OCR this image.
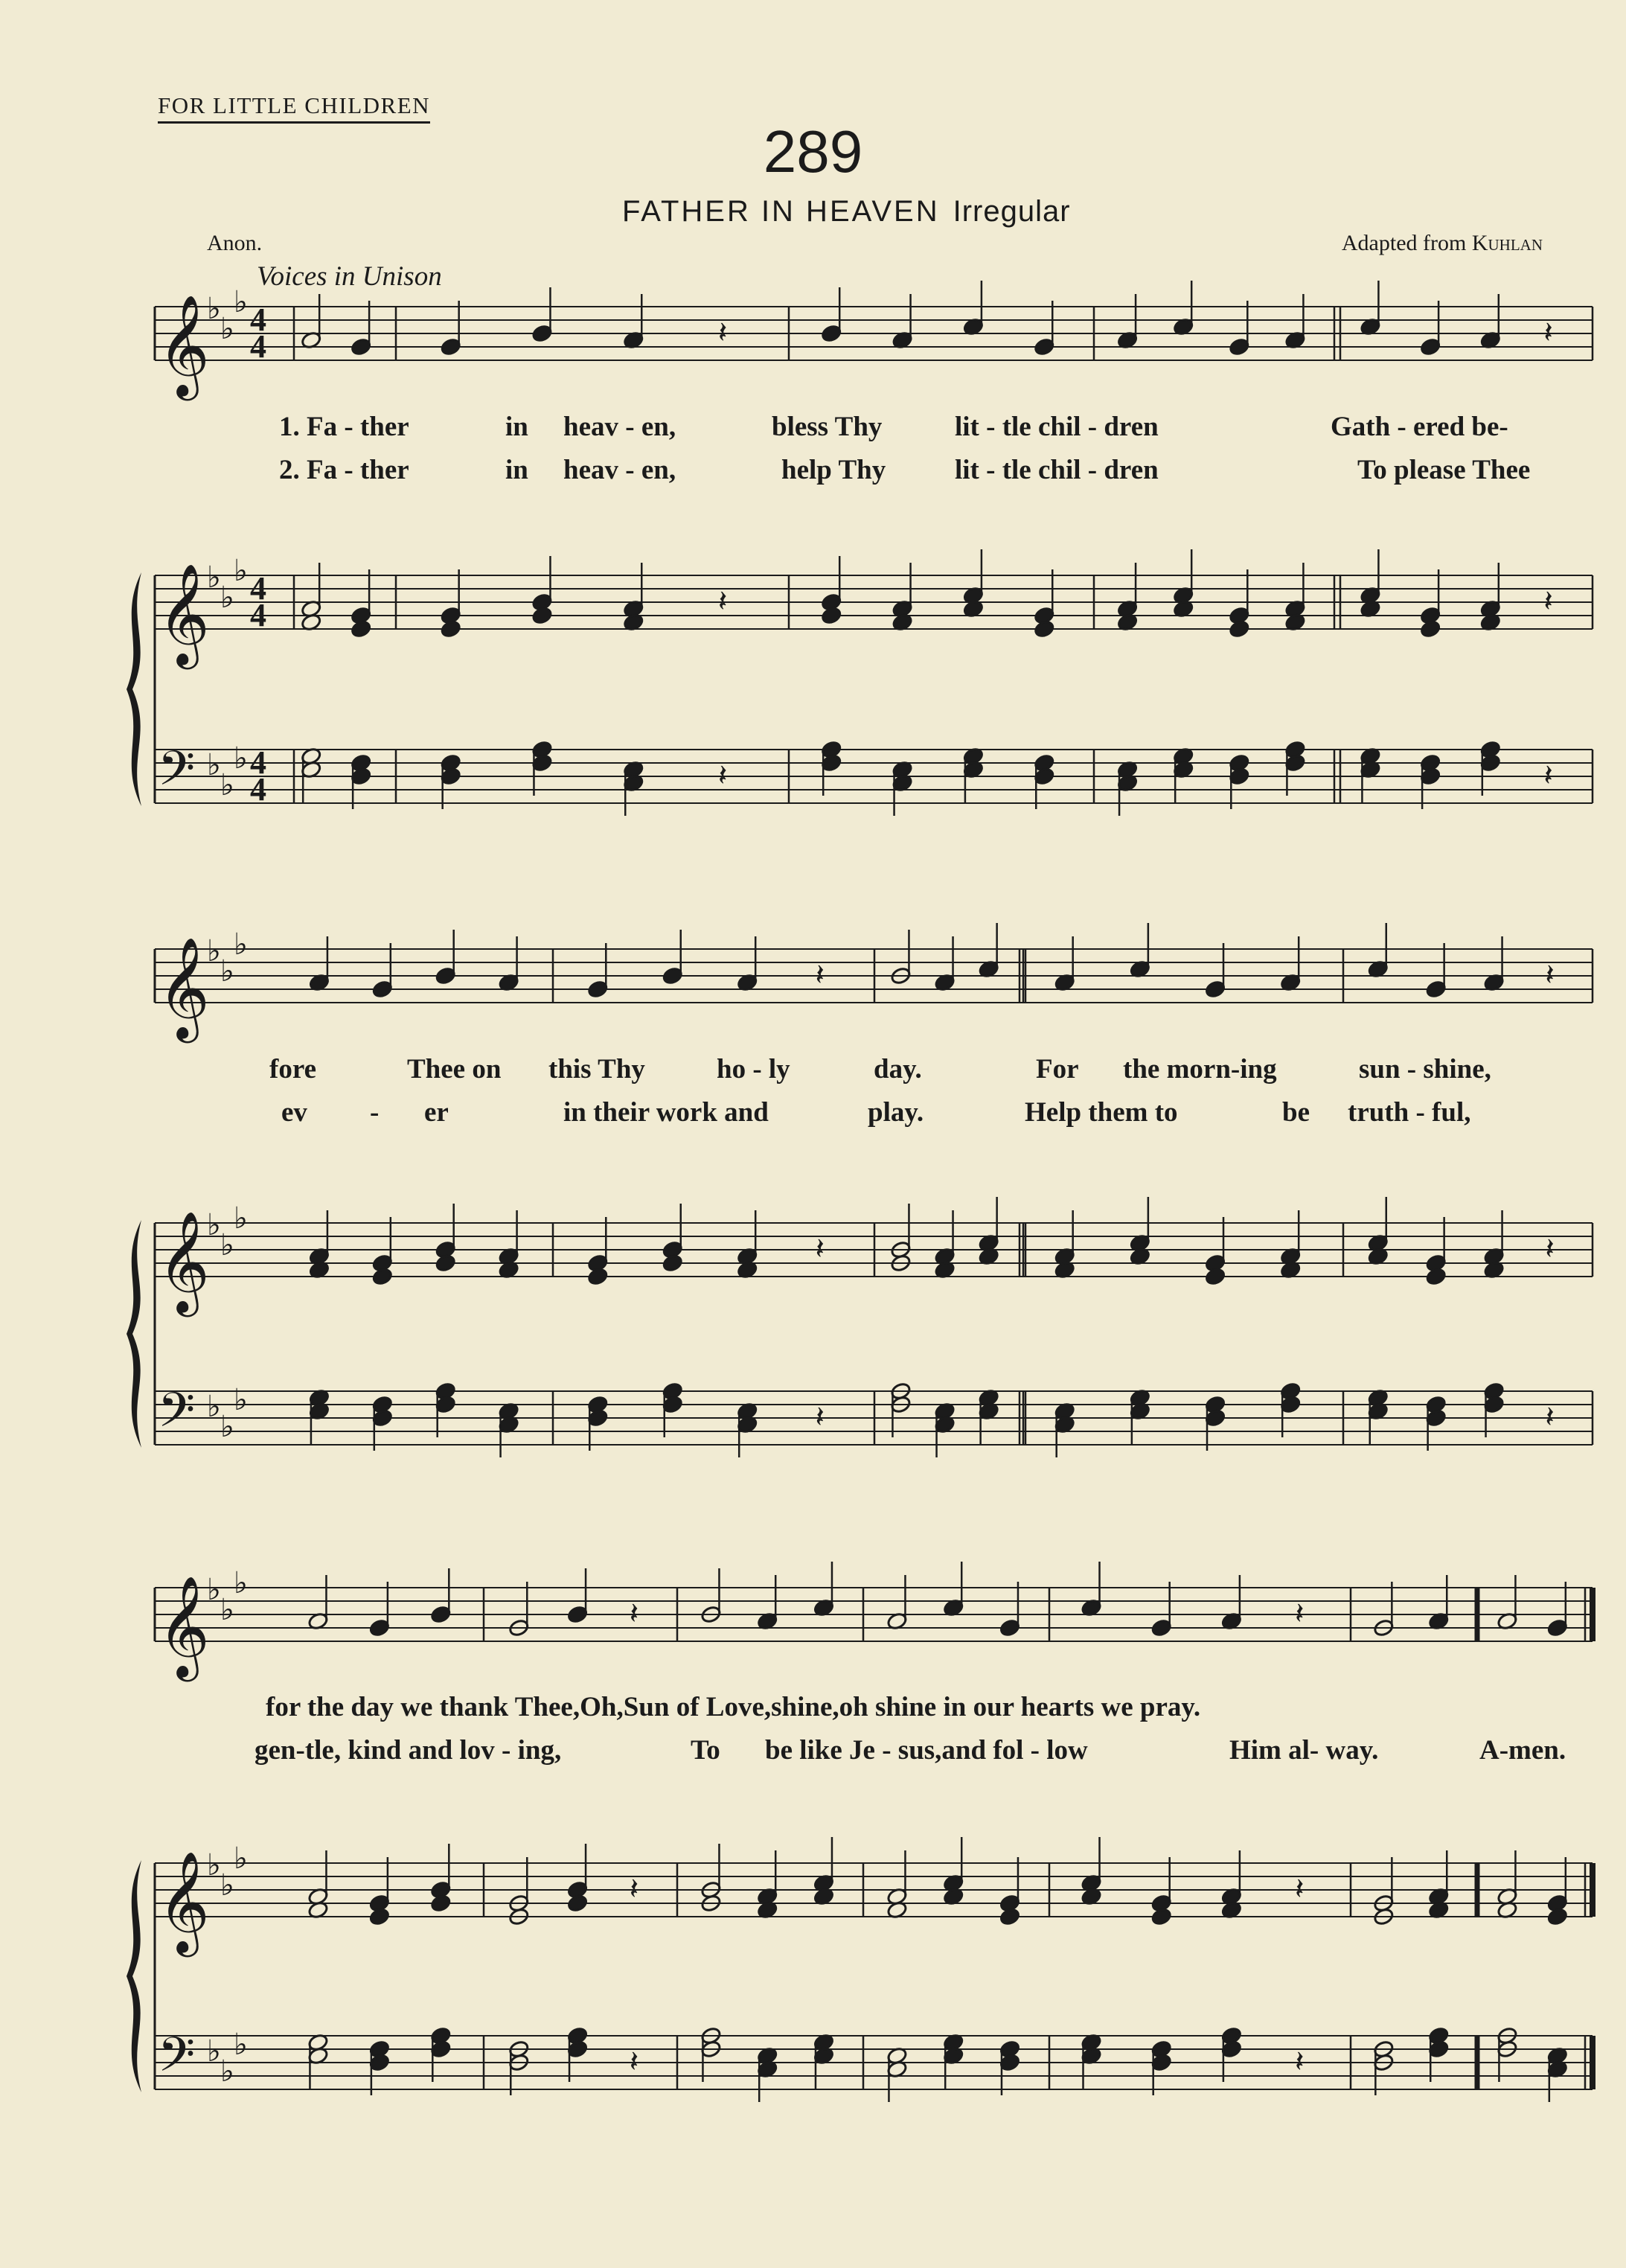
FOR LITTLE CHILDREN
289
FATHER IN HEAVEN Irregular
Anon.	Adapted from Kuhlan
Voices in Unison
𝄞
♭
♭
♭ 4
4
𝄞
♭
♭
♭ 4
4
𝄢 ♭
♭
♭ 4
4
𝄽
𝄽
𝄽
𝄽
𝄽
𝄽
𝄞
♭
♭
♭
𝄞
♭
♭
♭
𝄢 ♭
♭
♭
𝄽
𝄽
𝄽
𝄽
𝄽
𝄽
𝄞
♭
♭
♭
𝄞
♭
♭
♭
𝄢 ♭
♭
♭
𝄽
𝄽
𝄽
𝄽
𝄽
𝄽
1. Fa - ther	in heav - en,	bless Thy	lit - tle chil - dren	Gath - ered be-
2. Fa - ther	in heav - en,	help Thy	lit - tle chil - dren	To please Thee
fore	Thee on this Thy	ho - ly	day.	For the morn-ing	sun - shine,
ev - er	in their work and	play.	Help them to	be truth - ful,
for the day we thank Thee,Oh,Sun of Love,shine,oh shine in our hearts we pray.
gen-tle, kind and lov - ing,	To be like Je - sus,and fol - low	Him al- way.	A-men.
